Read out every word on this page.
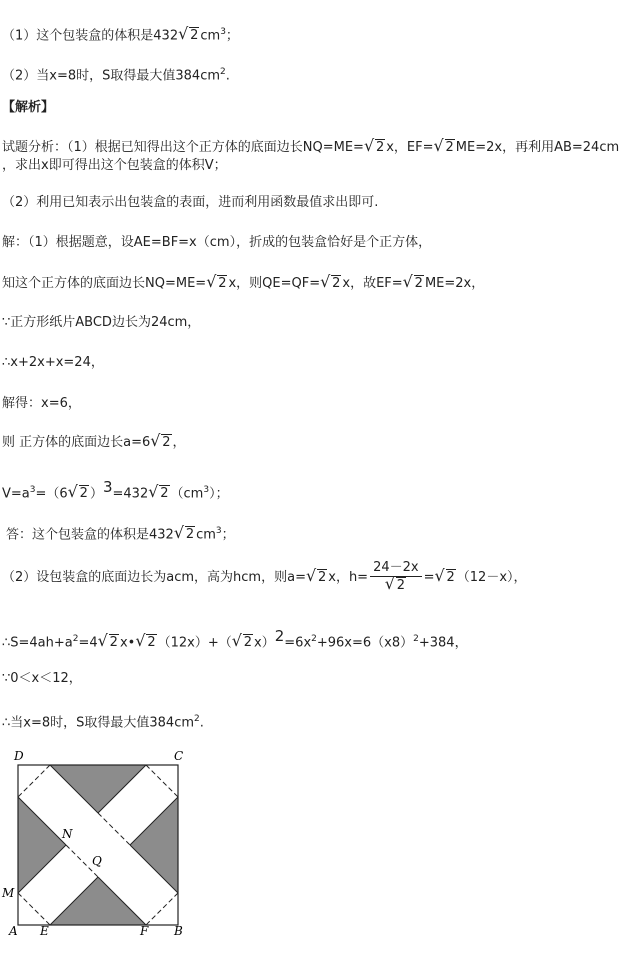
（1）这个包装盒的体积是432√ 2 $cm^3$；
（2）当x=8时，S取得最大值$384cm^2$.
【解析】
试题分析：（1）根据已知得出这个正方体的底面边长NQ=ME=√ 2 x，EF=√ 2 ME=2x，再利用AB=24cm
，求出x即可得出这个包装盒的体积V；
（2）利用已知表示出包装盒的表面，进而利用函数最值求出即可.
解：（1）根据题意，设AE=BF=x（cm），折成的包装盒恰好是个正方体，
知这个正方体的底面边长NQ=ME=√ 2 x，则QE=QF=√ 2 x，故EF=√ 2 ME=2x，
∵正方形纸片ABCD边长为24cm，
∴x+2x+x=24，
解得：x=6，
则 正方体的底面边长a=6√ 2 ，
$V=a^3=(6√$ 2 ）$^3$=432√ 2 $(cm^3)$；
答：这个包装盒的体积是432√ 2 $cm^3$；
（2）设包装盒的底面边长为acm，高为hcm，则a=√ 2 x，h= 24－2x
√ 2 =√ 2 （12－x），
$\therefore S=4ah+a^2=4√$ 2 x•√ 2 （12x）+（√ 2 $x)^2=6x^2+96x=6(x8)^2+384$，
∵0＜x＜12，
∴当x=8时，S取得最大值$384cm^2$.
D	C
A	B
E	F
M
N
Q
